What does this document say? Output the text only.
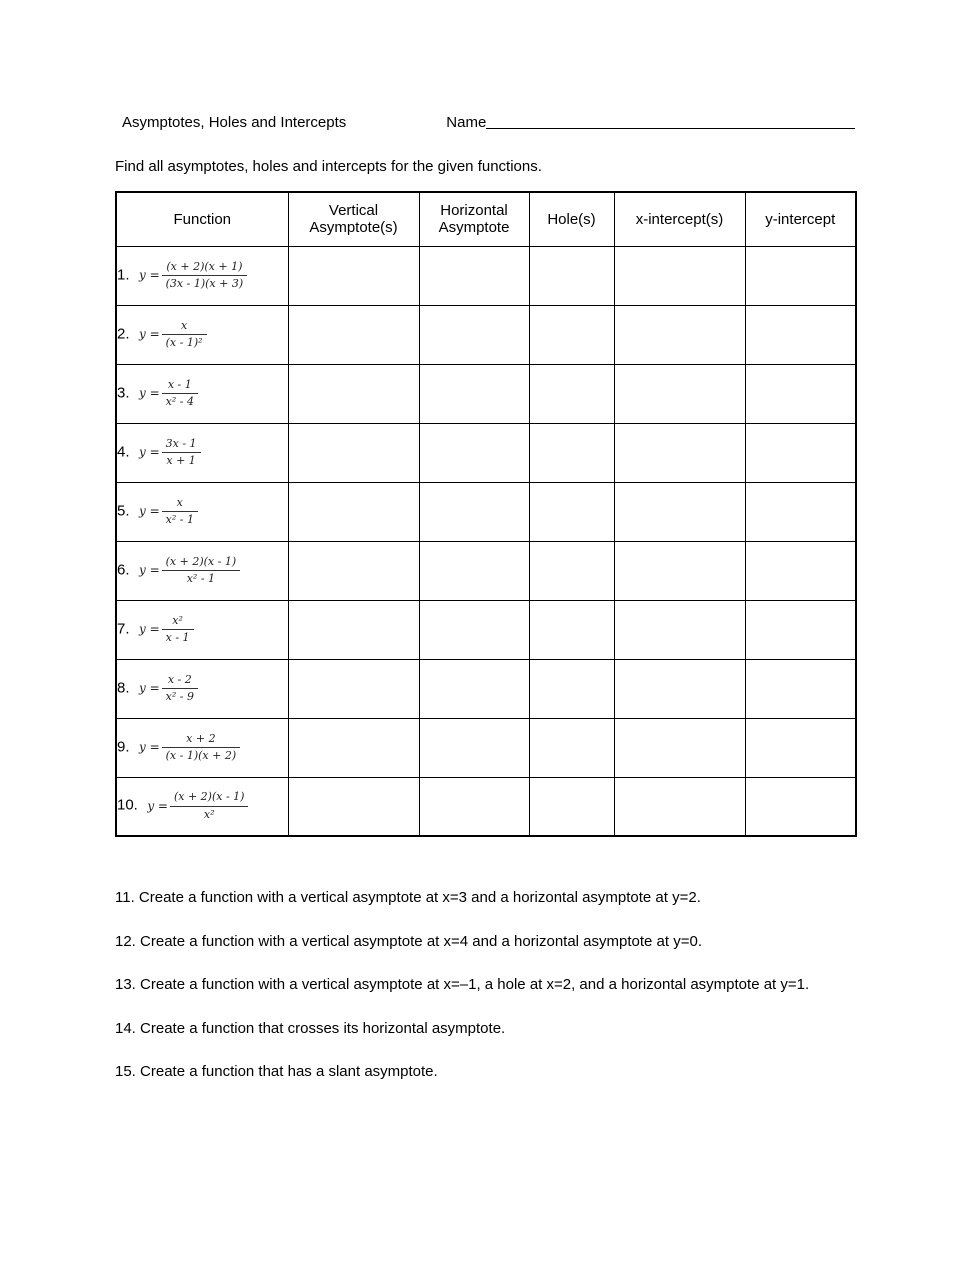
Asymptotes, Holes and Intercepts	Name

Find all asymptotes, holes and intercepts for the given functions.

Function	Vertical Asymptote(s)	Horizontal Asymptote	Hole(s)	x-intercept(s)	y-intercept
1. $y = \frac{(x + 2)(x + 1)}{(3x - 1)(x + 3)}$

2. $y = \frac{x}{\text{(x - 1)²}}$

3. $y = \frac{x - 1}{\text{x² - 4}}$

4. $y = \frac{3x - 1}{x + 1}$

5. $y = \frac{x}{\text{x² - 1}}$

6. $y = \frac{(x + 2)(x - 1)}{\text{x² - 1}}$

7. $y = \frac{\text{x²}}{x - 1}$

8. $y = \frac{x - 2}{\text{x² - 9}}$

9. $y = \frac{x + 2}{(x - 1)(x + 2)}$

10. $y = \frac{(x + 2)(x - 1)}{\text{x²}}$

11. Create a function with a vertical asymptote at x=3 and a horizontal asymptote at y=2.

12. Create a function with a vertical asymptote at x=4 and a horizontal asymptote at y=0.

13. Create a function with a vertical asymptote at x=–1, a hole at x=2, and a horizontal asymptote at y=1.

14. Create a function that crosses its horizontal asymptote.

15. Create a function that has a slant asymptote.
